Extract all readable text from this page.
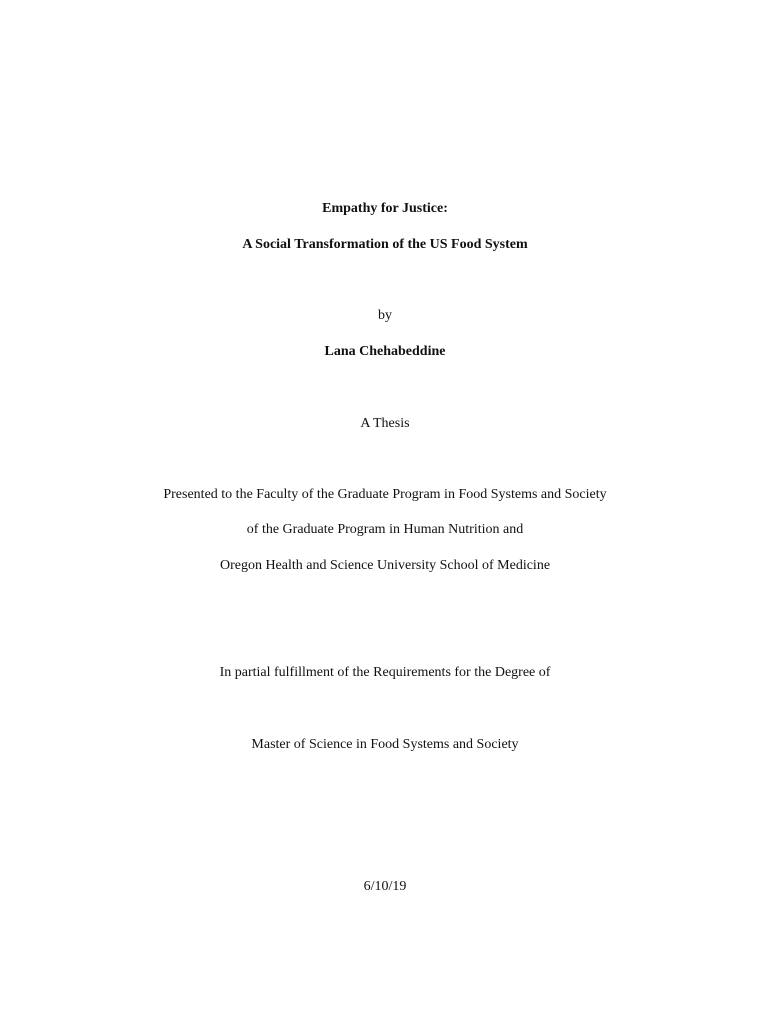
Empathy for Justice:
A Social Transformation of the US Food System
by
Lana Chehabeddine
A Thesis
Presented to the Faculty of the Graduate Program in Food Systems and Society
of the Graduate Program in Human Nutrition and
Oregon Health and Science University School of Medicine
In partial fulfillment of the Requirements for the Degree of
Master of Science in Food Systems and Society
6/10/19
